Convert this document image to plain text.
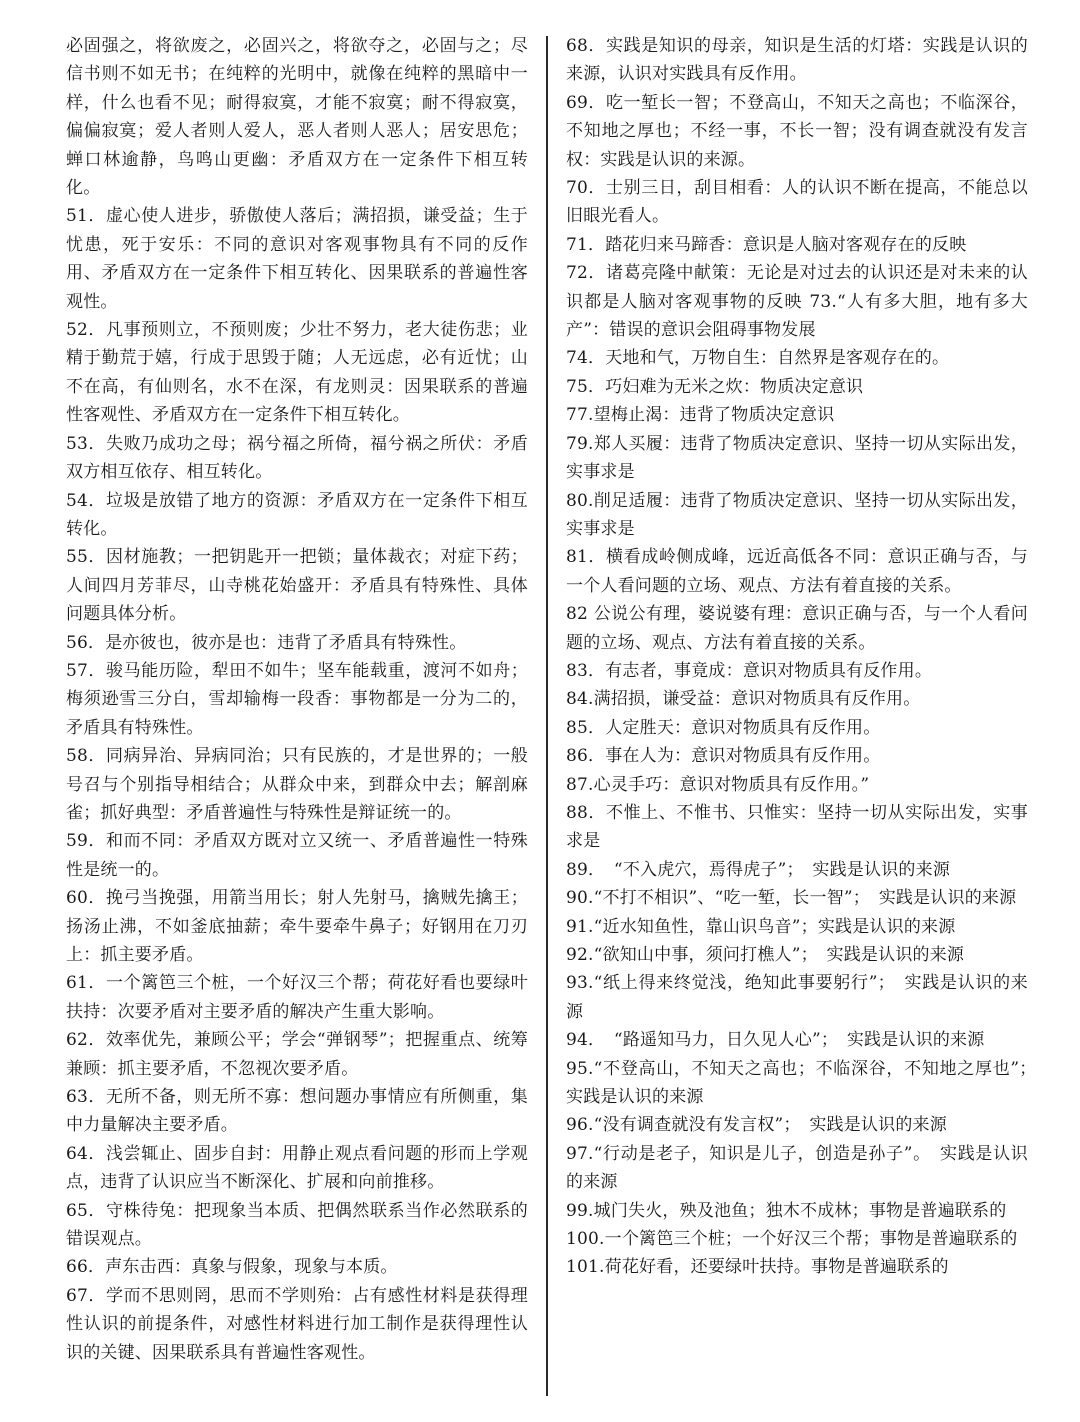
必固强之，将欲废之，必固兴之，将欲夺之，必固与之；尽信书则不如无书；在纯粹的光明中，就像在纯粹的黑暗中一样，什么也看不见；耐得寂寞，才能不寂寞；耐不得寂寞，偏偏寂寞；爱人者则人爱人，恶人者则人恶人；居安思危；蝉口林逾静，鸟鸣山更幽：矛盾双方在一定条件下相互转化。

51．虚心使人进步，骄傲使人落后；满招损，谦受益；生于忧患，死于安乐：不同的意识对客观事物具有不同的反作用、矛盾双方在一定条件下相互转化、因果联系的普遍性客观性。

52．凡事预则立，不预则废；少壮不努力，老大徒伤悲；业精于勤荒于嬉，行成于思毁于随；人无远虑，必有近忧；山不在高，有仙则名，水不在深，有龙则灵：因果联系的普遍性客观性、矛盾双方在一定条件下相互转化。

53．失败乃成功之母；祸兮福之所倚，福兮祸之所伏：矛盾双方相互依存、相互转化。

54．垃圾是放错了地方的资源：矛盾双方在一定条件下相互转化。

55．因材施教；一把钥匙开一把锁；量体裁衣；对症下药；人间四月芳菲尽，山寺桃花始盛开：矛盾具有特殊性、具体问题具体分析。

56．是亦彼也，彼亦是也：违背了矛盾具有特殊性。

57．骏马能历险，犁田不如牛；坚车能载重，渡河不如舟；梅须逊雪三分白，雪却输梅一段香：事物都是一分为二的，矛盾具有特殊性。

58．同病异治、异病同治；只有民族的，才是世界的；一般号召与个别指导相结合；从群众中来，到群众中去；解剖麻雀；抓好典型：矛盾普遍性与特殊性是辩证统一的。

59．和而不同：矛盾双方既对立又统一、矛盾普遍性一特殊性是统一的。

60．挽弓当挽强，用箭当用长；射人先射马，擒贼先擒王；扬汤止沸，不如釜底抽薪；牵牛要牵牛鼻子；好钢用在刀刃上：抓主要矛盾。

61．一个篱笆三个桩，一个好汉三个帮；荷花好看也要绿叶扶持：次要矛盾对主要矛盾的解决产生重大影响。

62．效率优先，兼顾公平；学会“弹钢琴”；把握重点、统筹兼顾：抓主要矛盾，不忽视次要矛盾。

63．无所不备，则无所不寡：想问题办事情应有所侧重，集中力量解决主要矛盾。

64．浅尝辄止、固步自封：用静止观点看问题的形而上学观点，违背了认识应当不断深化、扩展和向前推移。

65．守株待兔：把现象当本质、把偶然联系当作必然联系的错误观点。

66．声东击西：真象与假象，现象与本质。

67．学而不思则罔，思而不学则殆：占有感性材料是获得理性认识的前提条件，对感性材料进行加工制作是获得理性认识的关键、因果联系具有普遍性客观性。

68．实践是知识的母亲，知识是生活的灯塔：实践是认识的来源，认识对实践具有反作用。

69．吃一堑长一智；不登高山，不知天之高也；不临深谷，不知地之厚也；不经一事，不长一智；没有调查就没有发言权：实践是认识的来源。

70．士别三日，刮目相看：人的认识不断在提高，不能总以旧眼光看人。

71．踏花归来马蹄香：意识是人脑对客观存在的反映

72．诸葛亮隆中献策：无论是对过去的认识还是对未来的认识都是人脑对客观事物的反映 73.“人有多大胆，地有多大产”：错误的意识会阻碍事物发展

74．天地和气，万物自生：自然界是客观存在的。

75．巧妇难为无米之炊：物质决定意识

77.望梅止渴：违背了物质决定意识

79.郑人买履：违背了物质决定意识、坚持一切从实际出发，实事求是

80.削足适履：违背了物质决定意识、坚持一切从实际出发，实事求是

81．横看成岭侧成峰，远近高低各不同：意识正确与否，与一个人看问题的立场、观点、方法有着直接的关系。

82 公说公有理，婆说婆有理：意识正确与否，与一个人看问题的立场、观点、方法有着直接的关系。

83．有志者，事竟成：意识对物质具有反作用。

84.满招损，谦受益：意识对物质具有反作用。

85．人定胜天：意识对物质具有反作用。

86．事在人为：意识对物质具有反作用。

87.心灵手巧：意识对物质具有反作用。”

88．不惟上、不惟书、只惟实：坚持一切从实际出发，实事求是

89．　“不入虎穴，焉得虎子”；　实践是认识的来源

90.“不打不相识”、“吃一堑，长一智”；　实践是认识的来源

91.“近水知鱼性，靠山识鸟音”；实践是认识的来源

92.“欲知山中事，须问打樵人”；　实践是认识的来源

93.“纸上得来终觉浅，绝知此事要躬行”；　实践是认识的来源

94．　“路遥知马力，日久见人心”；　实践是认识的来源

95.“不登高山，不知天之高也；不临深谷，不知地之厚也”；　实践是认识的来源

96.“没有调查就没有发言权”；　实践是认识的来源

97.“行动是老子，知识是儿子，创造是孙子”。　实践是认识的来源

99.城门失火，殃及池鱼；独木不成林；事物是普遍联系的

100.一个篱笆三个桩；一个好汉三个帮；事物是普遍联系的

101.荷花好看，还要绿叶扶持。事物是普遍联系的
